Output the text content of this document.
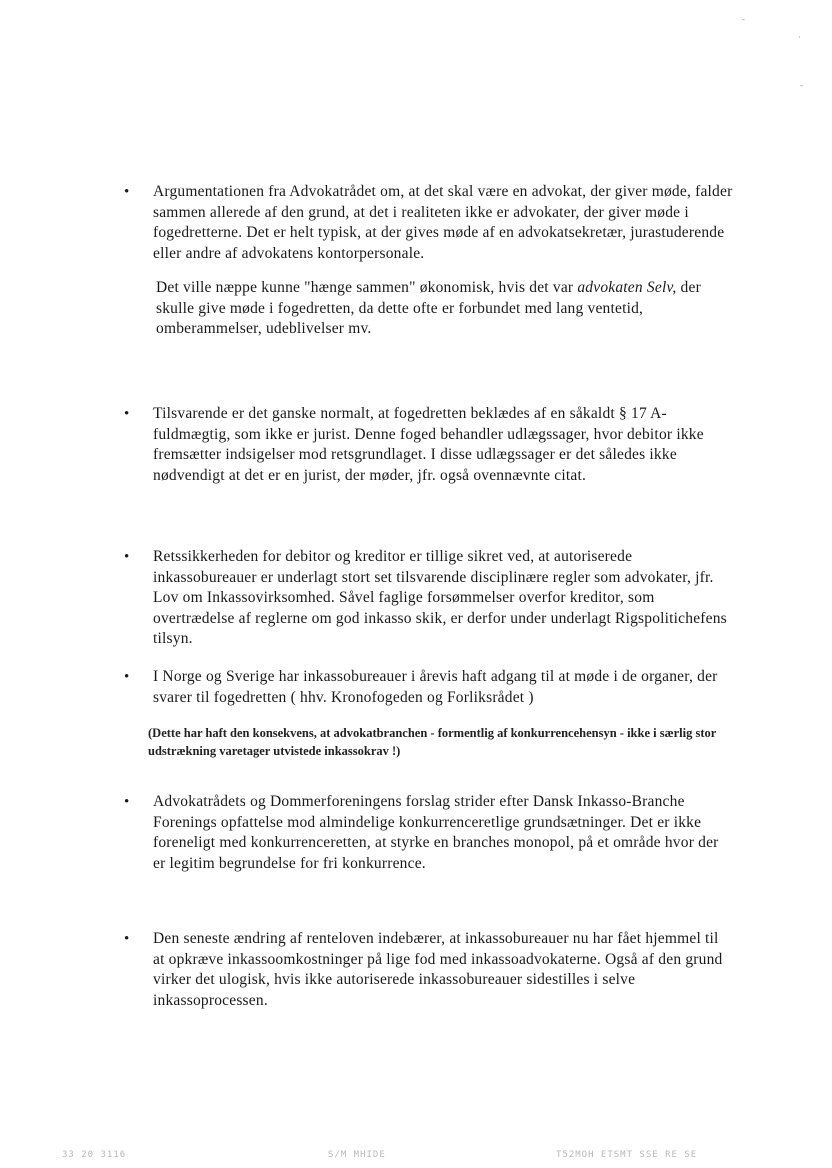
-
·
-
• Argumentationen fra Advokatrådet om, at det skal være en advokat, der giver møde, falder sammen allerede af den grund, at det i realiteten ikke er advokater, der giver møde i fogedretterne. Det er helt typisk, at der gives møde af en advokatsekretær, jurastuderende eller andre af advokatens kontorpersonale.
Det ville næppe kunne "hænge sammen" økonomisk, hvis det var advokaten Selv, der skulle give møde i fogedretten, da dette ofte er forbundet med lang ventetid, omberammelser, udeblivelser mv.
• Tilsvarende er det ganske normalt, at fogedretten beklædes af en såkaldt § 17 A- fuldmægtig, som ikke er jurist. Denne foged behandler udlægssager, hvor debitor ikke fremsætter indsigelser mod retsgrundlaget. I disse udlægssager er det således ikke nødvendigt at det er en jurist, der møder, jfr. også ovennævnte citat.
• Retssikkerheden for debitor og kreditor er tillige sikret ved, at autoriserede inkassobureauer er underlagt stort set tilsvarende disciplinære regler som advokater, jfr. Lov om Inkassovirksomhed. Såvel faglige forsømmelser overfor kreditor, som overtrædelse af reglerne om god inkasso skik, er derfor under underlagt Rigspolitichefens tilsyn.
• I Norge og Sverige har inkassobureauer i årevis haft adgang til at møde i de organer, der svarer til fogedretten ( hhv. Kronofogeden og Forliksrådet )
(Dette har haft den konsekvens, at advokatbranchen - formentlig af konkurrencehensyn - ikke i særlig stor udstrækning varetager utvistede inkassokrav !)
• Advokatrådets og Dommerforeningens forslag strider efter Dansk Inkasso-Branche Forenings opfattelse mod almindelige konkurrenceretlige grundsætninger. Det er ikke foreneligt med konkurrenceretten, at styrke en branches monopol, på et område hvor der er legitim begrundelse for fri konkurrence.
• Den seneste ændring af renteloven indebærer, at inkassobureauer nu har fået hjemmel til at opkræve inkassoomkostninger på lige fod med inkassoadvokaterne. Også af den grund virker det ulogisk, hvis ikke autoriserede inkassobureauer sidestilles i selve inkassoprocessen.
33 20 3116	S/M MHIDE	T52MOH ETSMT SSE RE SE
